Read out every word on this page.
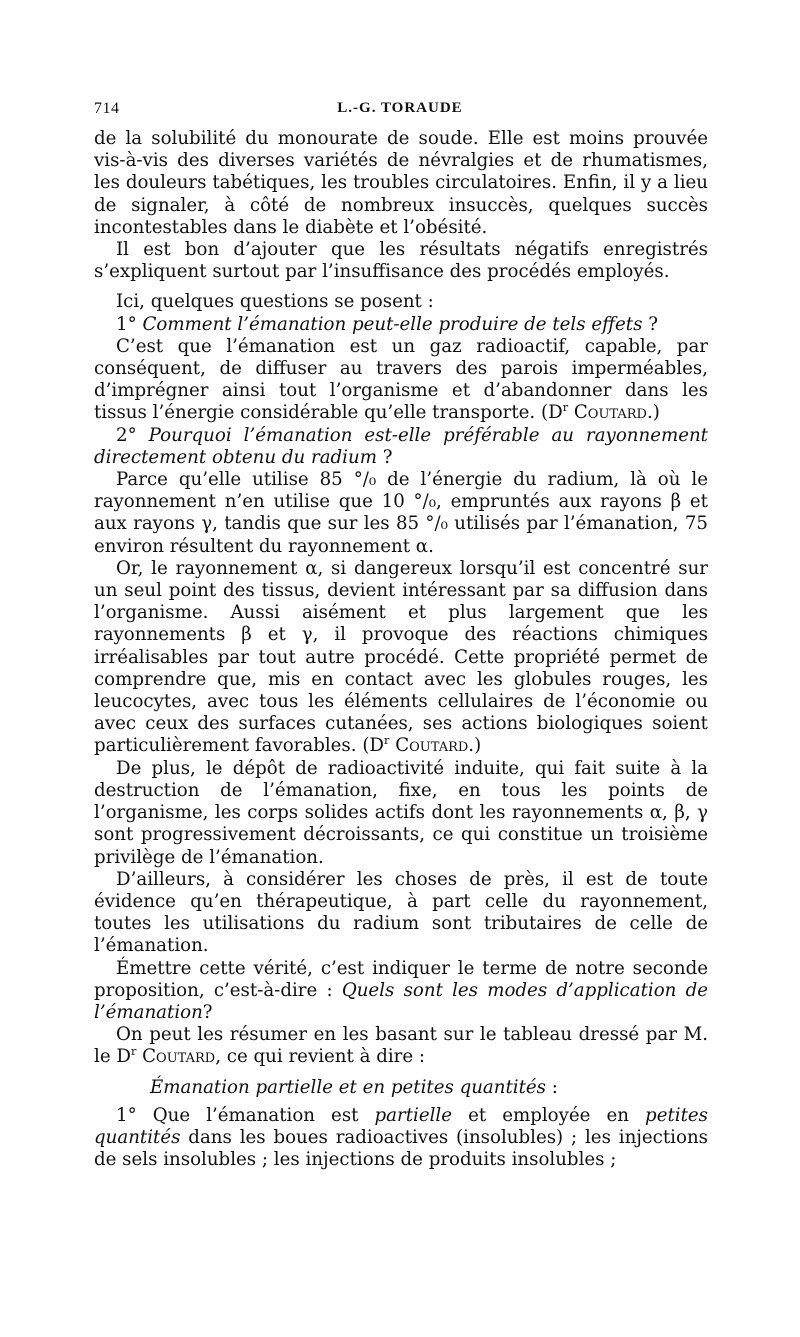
714	L.-G. TORAUDE

de la solubilité du monourate de soude. Elle est moins prouvée vis-à-vis des diverses variétés de névralgies et de rhumatismes, les douleurs tabétiques, les troubles circulatoires. Enfin, il y a lieu de signaler, à côté de nombreux insuccès, quelques succès incontestables dans le diabète et l’obésité.

Il est bon d’ajouter que les résultats négatifs enregistrés s’expliquent surtout par l’insuffisance des procédés employés.

Ici, quelques questions se posent :

1° Comment l’émanation peut-elle produire de tels effets ?

C’est que l’émanation est un gaz radioactif, capable, par conséquent, de diffuser au travers des parois imperméables, d’imprégner ainsi tout l’organisme et d’abandonner dans les tissus l’énergie considérable qu’elle transporte. ($D^r$ Coutard.)

2° Pourquoi l’émanation est-elle préférable au rayonnement directement obtenu du radium ?

Parce qu’elle utilise 85 °/₀ de l’énergie du radium, là où le rayonnement n’en utilise que 10 °/₀, empruntés aux rayons β et aux rayons γ, tandis que sur les 85 °/₀ utilisés par l’émanation, 75 environ résultent du rayonnement α.

Or, le rayonnement α, si dangereux lorsqu’il est concentré sur un seul point des tissus, devient intéressant par sa diffusion dans l’organisme. Aussi aisément et plus largement que les rayonnements β et γ, il provoque des réactions chimiques irréalisables par tout autre procédé. Cette propriété permet de comprendre que, mis en contact avec les globules rouges, les leucocytes, avec tous les éléments cellulaires de l’économie ou avec ceux des surfaces cutanées, ses actions biologiques soient particulièrement favorables. ($D^r$ Coutard.)

De plus, le dépôt de radioactivité induite, qui fait suite à la destruction de l’émanation, fixe, en tous les points de l’organisme, les corps solides actifs dont les rayonnements α, β, γ sont progressivement décroissants, ce qui constitue un troisième privilège de l’émanation.

D’ailleurs, à considérer les choses de près, il est de toute évidence qu’en thérapeutique, à part celle du rayonnement, toutes les utilisations du radium sont tributaires de celle de l’émanation.

Émettre cette vérité, c’est indiquer le terme de notre seconde proposition, c’est-à-dire : Quels sont les modes d’application de l’émanation?

On peut les résumer en les basant sur le tableau dressé par M. le $D^r$ Coutard, ce qui revient à dire :

Émanation partielle et en petites quantités :

1° Que l’émanation est partielle et employée en petites quantités dans les boues radioactives (insolubles) ; les injections de sels insolubles ; les injections de produits insolubles ;
